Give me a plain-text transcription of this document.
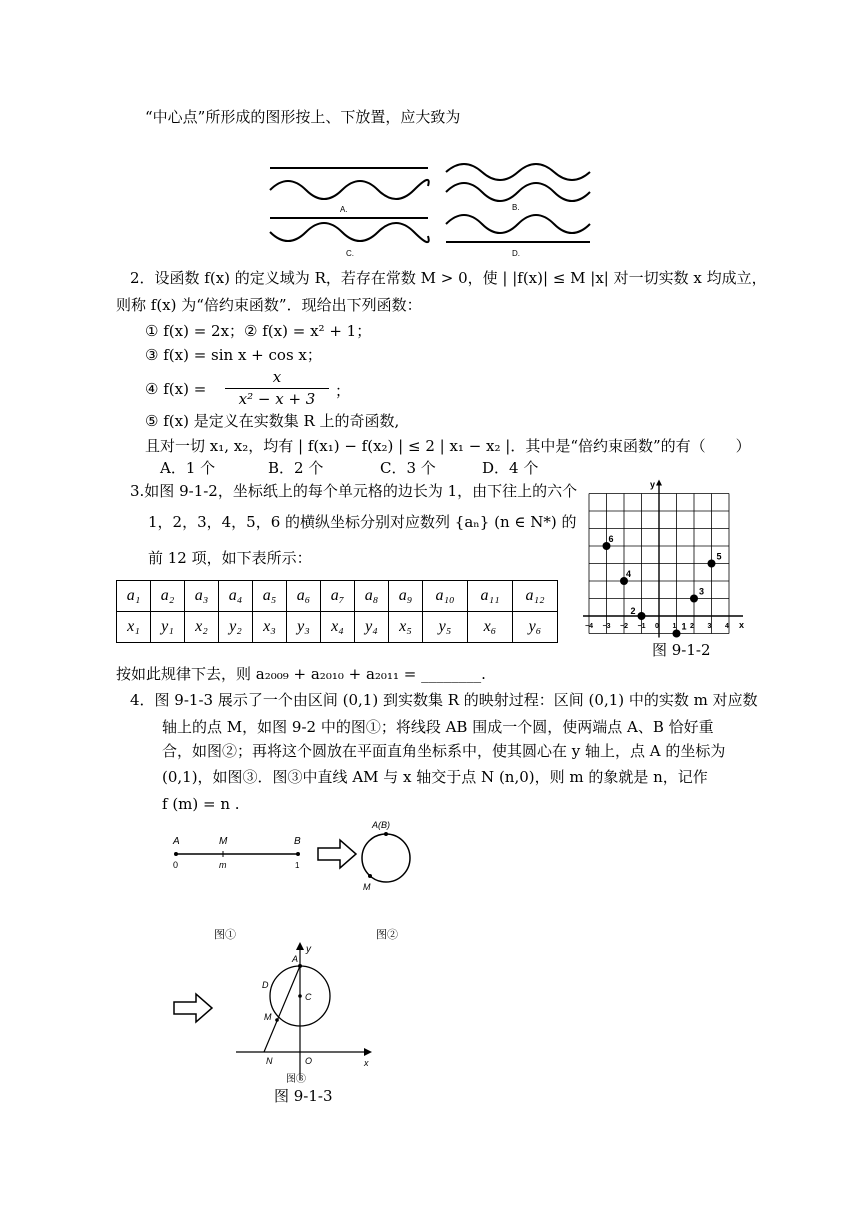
“中心点”所形成的图形按上、下放置，应大致为
A.	B.
C.	D.
2．设函数 f(x) 的定义域为 R，若存在常数 M > 0，使 | |f(x)| ≤ M |x| 对一切实数 x 均成立，
则称 f(x) 为“倍约束函数”．现给出下列函数：
① f(x) = 2x；② f(x) = x² + 1；
③ f(x) = sin x + cos x；
④ f(x) =
x
x² − x + 3	；
⑤ f(x) 是定义在实数集 R 上的奇函数,
且对一切 x₁, x₂，均有 | f(x₁) − f(x₂) | ≤ 2 | x₁ − x₂ |．其中是“倍约束函数”的有（　　）
A．1 个	B．2 个	C．3 个	D．4 个
3.如图 9-1-2，坐标纸上的每个单元格的边长为 1，由下往上的六个
1，2，3，4，5，6 的横纵坐标分别对应数列 {aₙ} (n ∈ N*) 的
前 12 项，如下表所示：
a₁	a₂	a₃	a₄	a₅	a₆	a₇	a₈	a₉	a₁₀	a₁₁	a₁₂
x₁	y₁	x₂	y₂	x₃	y₃	x₄	y₄	x₅	y₅	x₆	y₆
按如此规律下去，则 a₂₀₀₉ + a₂₀₁₀ + a₂₀₁₁ = ________.
y
x
−4 −3 −2 −1 0 1 2 3 4
1
2
3
4
5
6
图 9-1-2
4．图 9-1-3 展示了一个由区间 (0,1) 到实数集 R 的映射过程：区间 (0,1) 中的实数 m 对应数
轴上的点 M，如图 9-2 中的图①；将线段 AB 围成一个圆，使两端点 A、B 恰好重
合，如图②；再将这个圆放在平面直角坐标系中，使其圆心在 y 轴上，点 A 的坐标为
(0,1)，如图③．图③中直线 AM 与 x 轴交于点 N (n,0)，则 m 的象就是 n，记作
f (m) = n .
A	M	B
0	m	1
A(B)
M
图①	图②
A
y
D
C
M
N	O	x
图③
图 9-1-3
